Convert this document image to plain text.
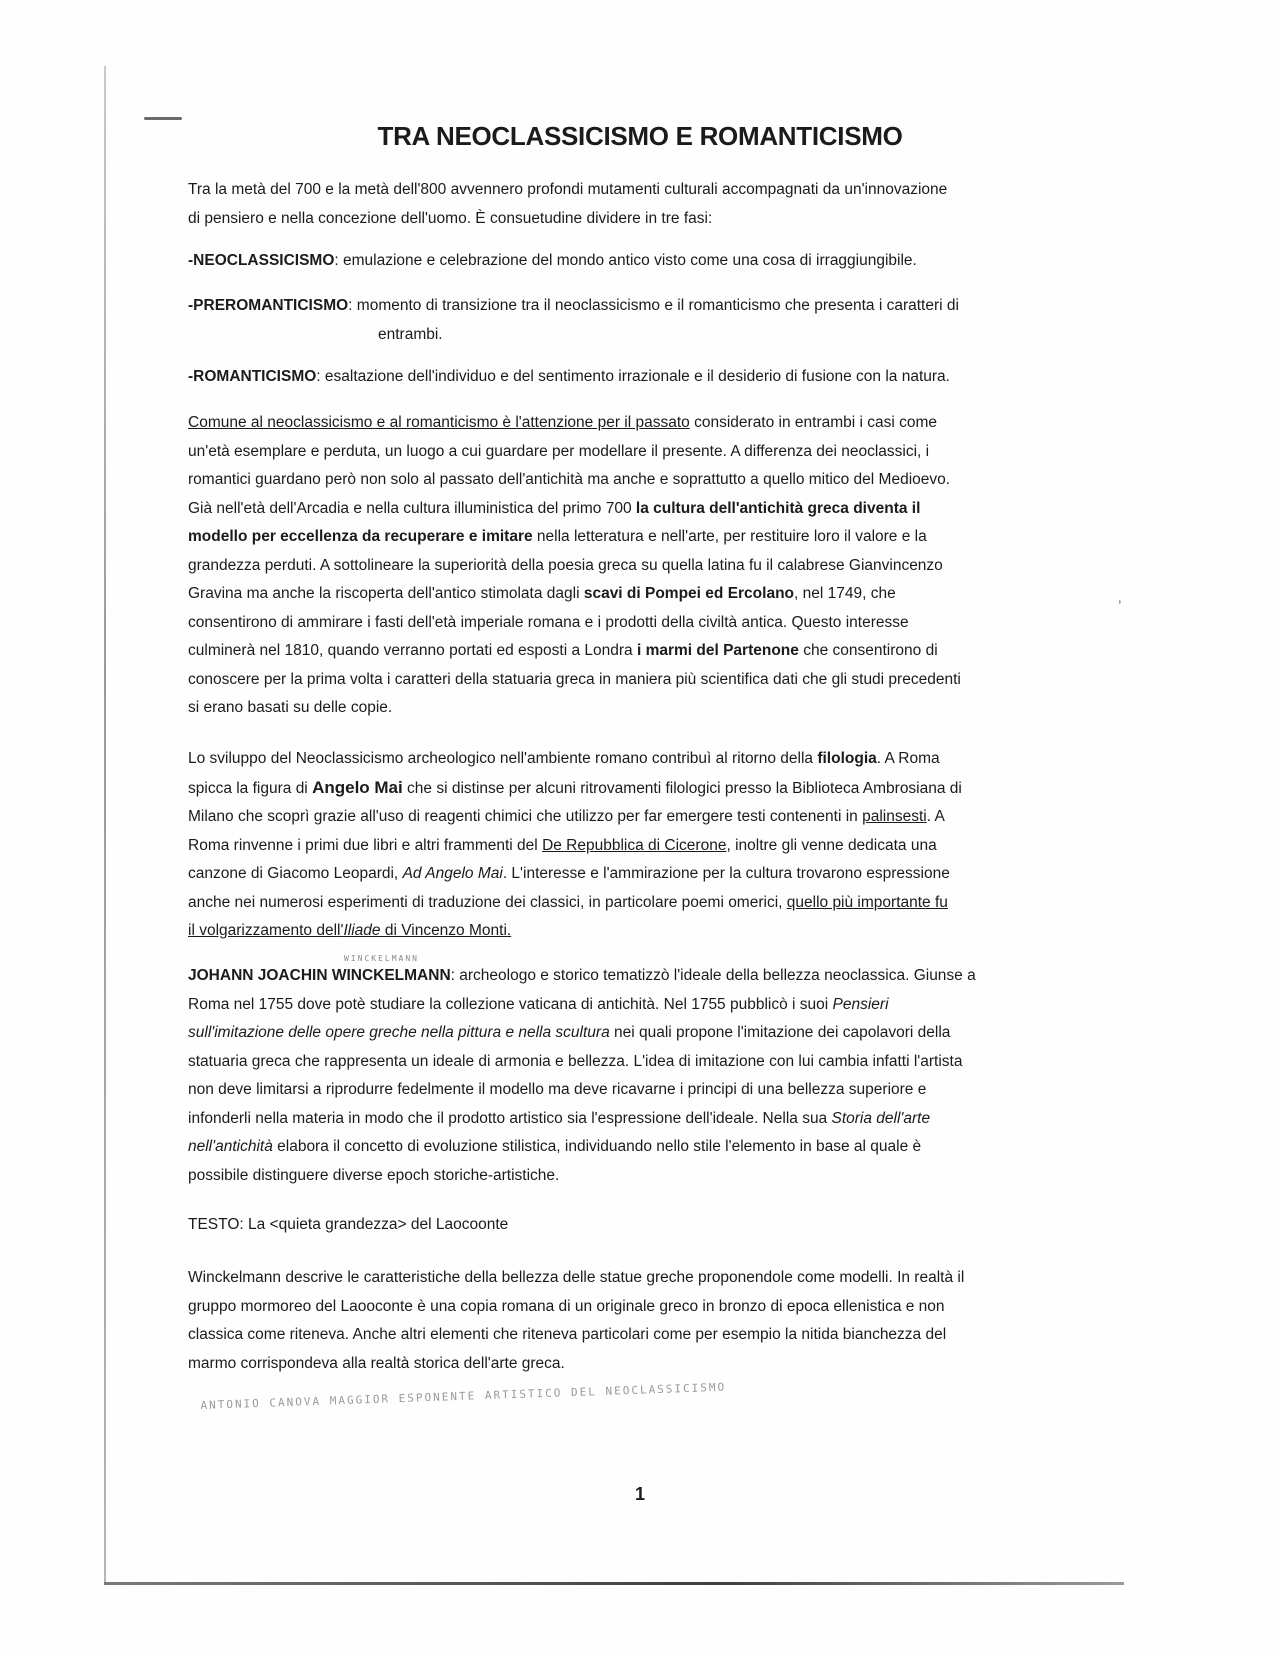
TRA NEOCLASSICISMO E ROMANTICISMO

Tra la metà del 700 e la metà dell'800 avvennero profondi mutamenti culturali accompagnati da un'innovazione

di pensiero e nella concezione dell'uomo. È consuetudine dividere in tre fasi:

-NEOCLASSICISMO: emulazione e celebrazione del mondo antico visto come una cosa di irraggiungibile.

-PREROMANTICISMO: momento di transizione tra il neoclassicismo e il romanticismo che presenta i caratteri di

entrambi.

-ROMANTICISMO: esaltazione dell'individuo e del sentimento irrazionale e il desiderio di fusione con la natura.

Comune al neoclassicismo e al romanticismo è l'attenzione per il passato considerato in entrambi i casi come

un'età esemplare e perduta, un luogo a cui guardare per modellare il presente. A differenza dei neoclassici, i

romantici guardano però non solo al passato dell'antichità ma anche e soprattutto a quello mitico del Medioevo.

Già nell'età dell'Arcadia e nella cultura illuministica del primo 700 la cultura dell'antichità greca diventa il

modello per eccellenza da recuperare e imitare nella letteratura e nell'arte, per restituire loro il valore e la

grandezza perduti. A sottolineare la superiorità della poesia greca su quella latina fu il calabrese Gianvincenzo

Gravina ma anche la riscoperta dell'antico stimolata dagli scavi di Pompei ed Ercolano, nel 1749, che

consentirono di ammirare i fasti dell'età imperiale romana e i prodotti della civiltà antica. Questo interesse

culminerà nel 1810, quando verranno portati ed esposti a Londra i marmi del Partenone che consentirono di

conoscere per la prima volta i caratteri della statuaria greca in maniera più scientifica dati che gli studi precedenti

si erano basati su delle copie.

Lo sviluppo del Neoclassicismo archeologico nell'ambiente romano contribuì al ritorno della filologia. A Roma

spicca la figura di Angelo Mai che si distinse per alcuni ritrovamenti filologici presso la Biblioteca Ambrosiana di

Milano che scoprì grazie all'uso di reagenti chimici che utilizzo per far emergere testi contenenti in palinsesti. A

Roma rinvenne i primi due libri e altri frammenti del De Repubblica di Cicerone, inoltre gli venne dedicata una

canzone di Giacomo Leopardi, Ad Angelo Mai. L'interesse e l'ammirazione per la cultura trovarono espressione

anche nei numerosi esperimenti di traduzione dei classici, in particolare poemi omerici, quello più importante fu

il volgarizzamento dell'Iliade di Vincenzo Monti.

WINCKELMANN

JOHANN JOACHIN WINCKELMANN: archeologo e storico tematizzò l'ideale della bellezza neoclassica. Giunse a

Roma nel 1755 dove potè studiare la collezione vaticana di antichità. Nel 1755 pubblicò i suoi Pensieri

sull'imitazione delle opere greche nella pittura e nella scultura nei quali propone l'imitazione dei capolavori della

statuaria greca che rappresenta un ideale di armonia e bellezza. L'idea di imitazione con lui cambia infatti l'artista

non deve limitarsi a riprodurre fedelmente il modello ma deve ricavarne i principi di una bellezza superiore e

infonderli nella materia in modo che il prodotto artistico sia l'espressione dell'ideale. Nella sua Storia dell'arte

nell'antichità elabora il concetto di evoluzione stilistica, individuando nello stile l'elemento in base al quale è

possibile distinguere diverse epoch storiche-artistiche.

TESTO: La <quieta grandezza> del Laocoonte

Winckelmann descrive le caratteristiche della bellezza delle statue greche proponendole come modelli. In realtà il

gruppo mormoreo del Laooconte è una copia romana di un originale greco in bronzo di epoca ellenistica e non

classica come riteneva. Anche altri elementi che riteneva particolari come per esempio la nitida bianchezza del

marmo corrispondeva alla realtà storica dell'arte greca.

ANTONIO CANOVA MAGGIOR ESPONENTE ARTISTICO DEL NEOCLASSICISMO
,
1
